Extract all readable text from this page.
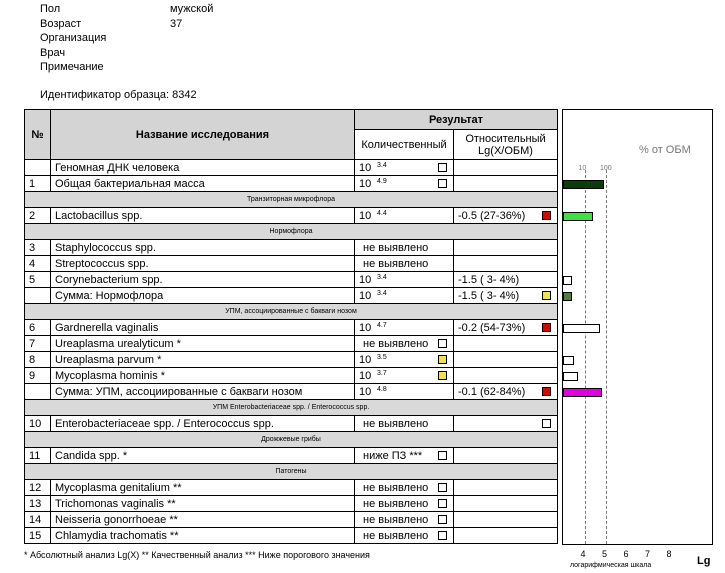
Пол	мужской
Возраст	37
Организация
Врач
Примечание
Идентификатор образца: 8342
№	Название исследования	Результат	
		Количественный	Относительный Lg(X/ОБМ)
	Геномная ДНК человека	10 $^{3.4}$

1	Общая бактериальная масса	10 $^{4.9}$

Транзиторная микрофлора			
2	Lactobacillus spp.	10 $^{4.4}$	-0.5 (27-36%)

Нормофлора			
3	Staphylococcus spp.	не выявлено	
4	Streptococcus spp.	не выявлено	
5	Corynebacterium spp.	10 $^{3.4}$	-1.5 ( 3- 4%)
	Сумма: Нормофлора	10 $^{3.4}$	-1.5 ( 3- 4%)

УПМ, ассоциированные с бакваги нозом			
6	Gardnerella vaginalis	10 $^{4.7}$	-0.2 (54-73%)

7	Ureaplasma urealyticum *	не выявлено

8	Ureaplasma parvum *	10 $^{3.5}$

9	Mycoplasma hominis *	10 $^{3.7}$

	Сумма: УПМ, ассоциированные с бакваги нозом	10 $^{4.8}$	-0.1 (62-84%)

УПМ Enterobacteriaceae spp. / Enterococcus spp.			
10	Enterobacteriaceae spp. / Enterococcus spp.	не выявлено	

Дрожжевые грибы			
11	Candida spp. *	ниже ПЗ ***

Патогены			
12	Mycoplasma genitalium **	не выявлено

13	Trichomonas vaginalis **	не выявлено

14	Neisseria gonorrhoeae **	не выявлено

15	Chlamydia trachomatis **	не выявлено

% от ОБМ
10 100
4 5 6 7 8
логарифмическая шкала	Lg
* Абсолютный анализ Lg(X) ** Качественный анализ *** Ниже порогового значения
